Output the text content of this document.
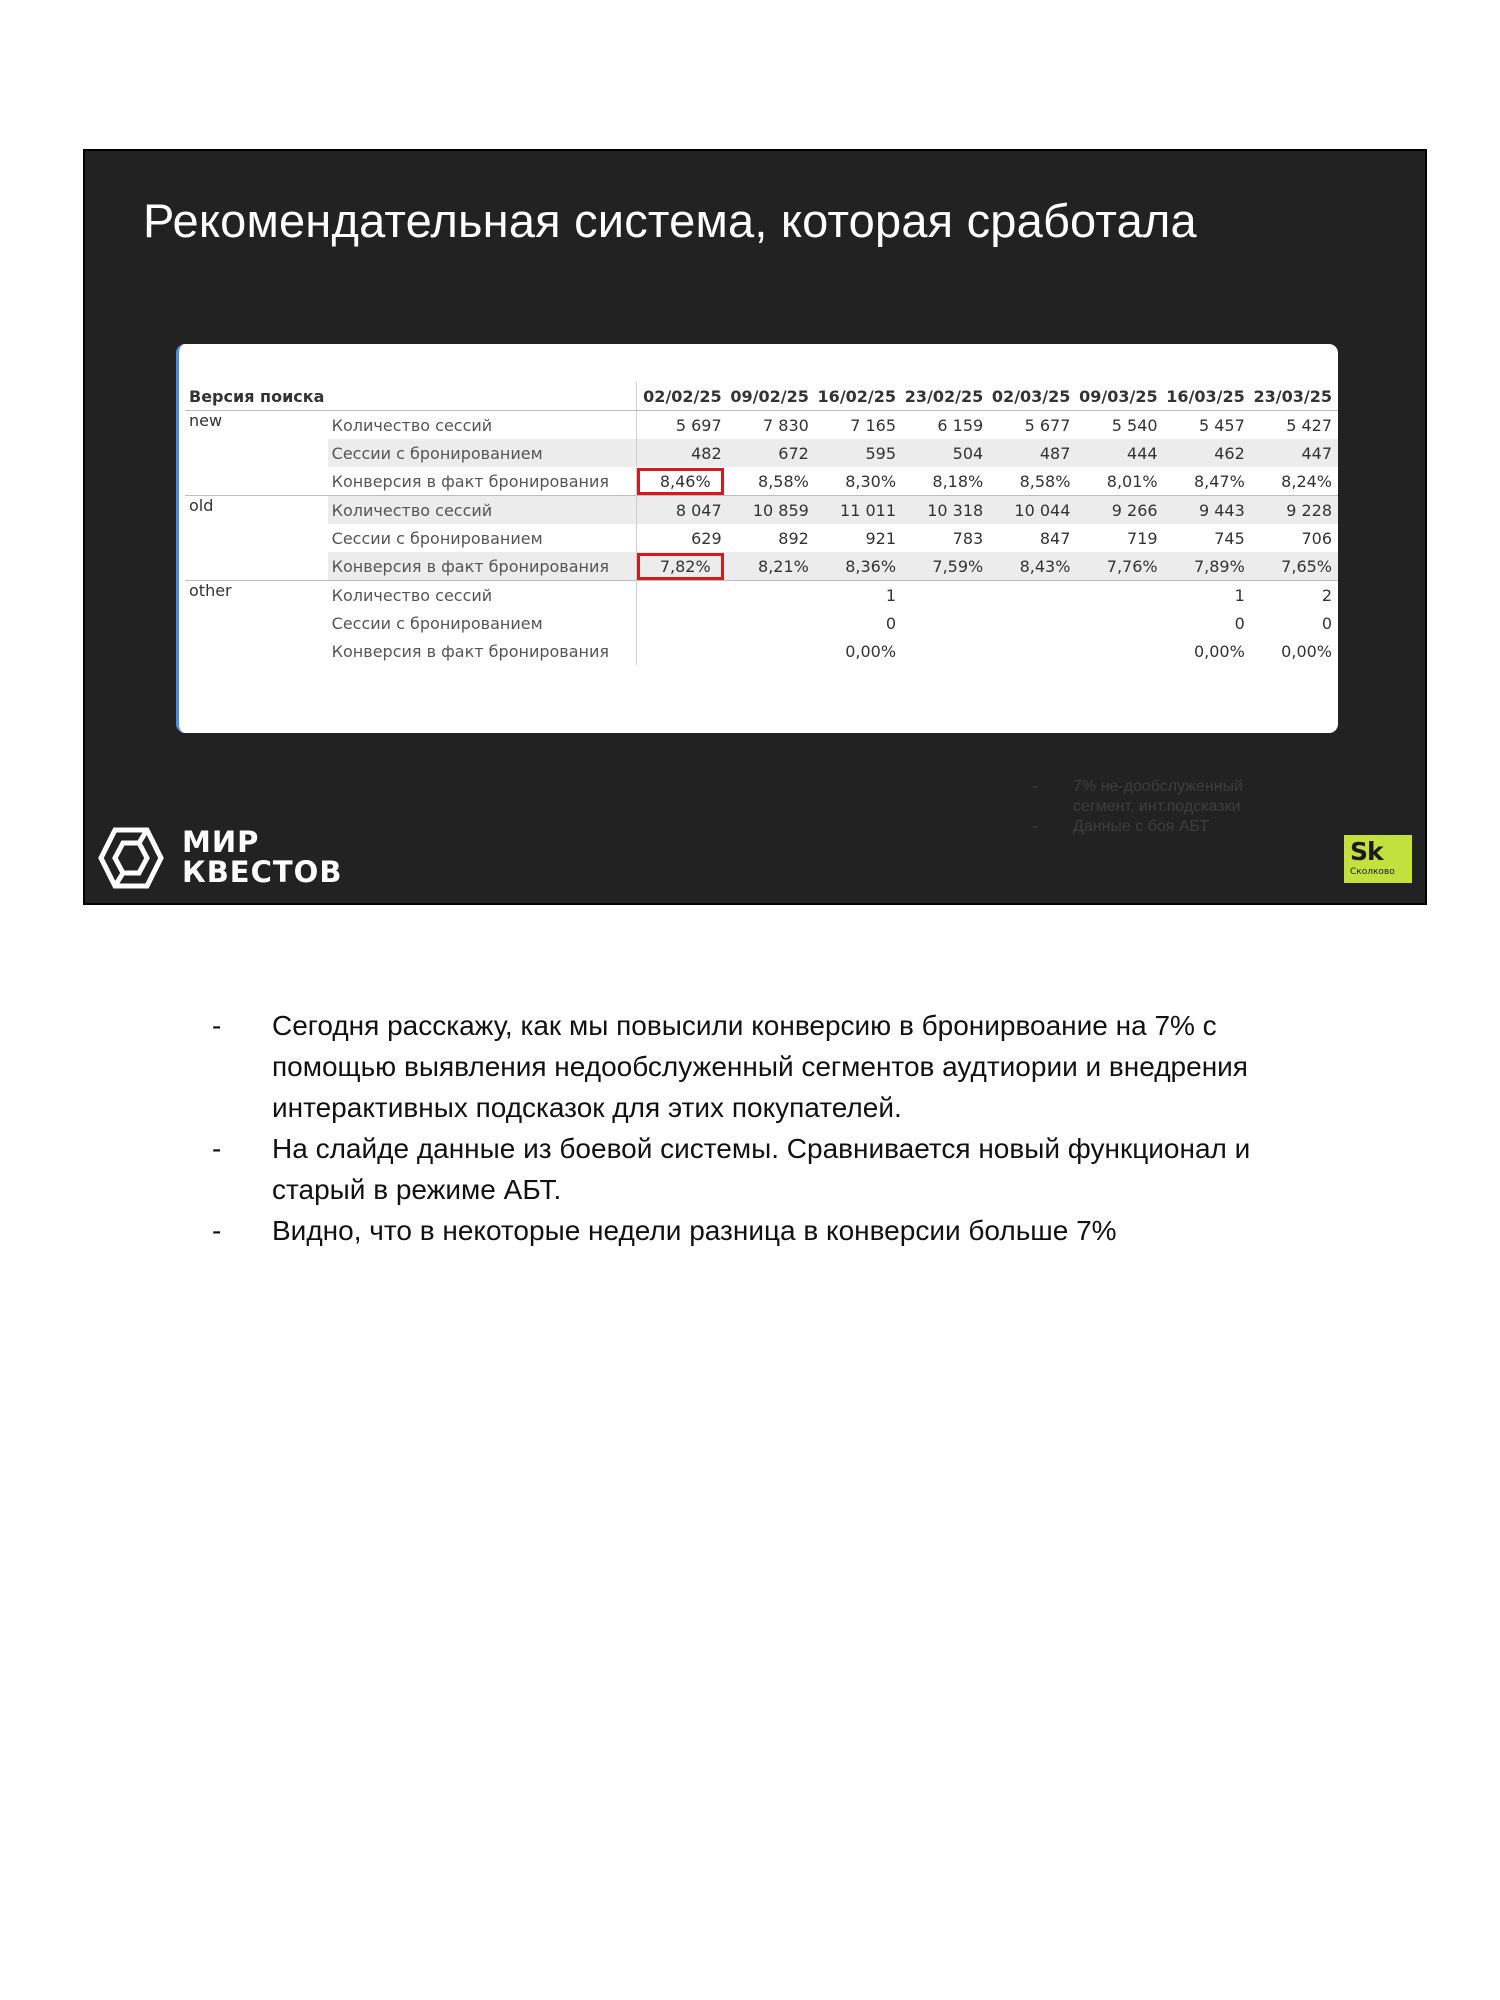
Рекомендательная система, которая сработала
Версия поиска		02/02/25	09/02/25	16/02/25	23/02/25	02/03/25	09/03/25	16/03/25	23/03/25
new	Количество сессий	5 697	7 830	7 165	6 159	5 677	5 540	5 457	5 427
	Сессии с бронированием	482	672	595	504	487	444	462	447
	Конверсия в факт бронирования	8,46%	8,58%	8,30%	8,18%	8,58%	8,01%	8,47%	8,24%
old	Количество сессий	8 047	10 859	11 011	10 318	10 044	9 266	9 443	9 228
	Сессии с бронированием	629	892	921	783	847	719	745	706
	Конверсия в факт бронирования	7,82%	8,21%	8,36%	7,59%	8,43%	7,76%	7,89%	7,65%
other	Количество сессий			1				1	2
	Сессии с бронированием			0				0	0
	Конверсия в факт бронирования			0,00%				0,00%	0,00%
- 7% не-дообслуженный сегмент, инт.подсказки
- Данные с боя АБТ
МИР
КВЕСТОВ
Sk
Сколково
- Сегодня расскажу, как мы повысили конверсию в бронирвоание на 7% с помощью выявления недообслуженный сегментов аудтиории и внедрения интерактивных подсказок для этих покупателей.
- На слайде данные из боевой системы. Сравнивается новый функционал и старый в режиме АБТ.
- Видно, что в некоторые недели разница в конверсии больше 7%
